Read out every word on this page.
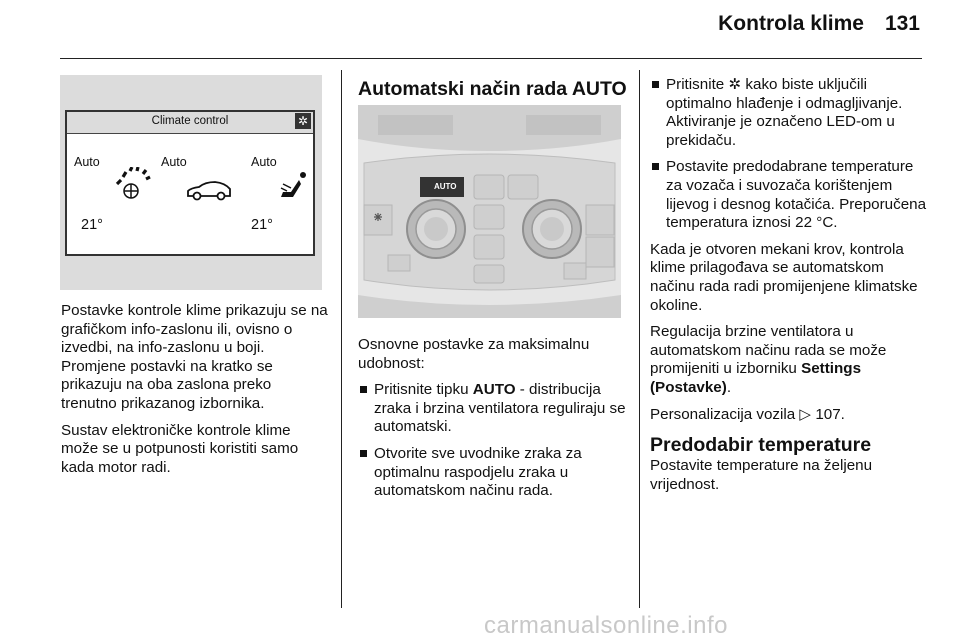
Kontrola klime 131
Climate control	✲
Auto	Auto	Auto
21°	21°

Postavke kontrole klime prikazuju se na grafičkom info-zaslonu ili, ovisno o izvedbi, na info-zaslonu u boji. Promjene postavki na kratko se prikazuju na oba zaslona preko trenutno prikazanog izbornika.

Sustav elektroničke kontrole klime može se u potpunosti koristiti samo kada motor radi.

Automatski način rada AUTO
AUTO

Osnovne postavke za maksimalnu udobnost:

Pritisnite tipku AUTO - distribucija zraka i brzina ventilatora reguliraju se automatski.
Otvorite sve uvodnike zraka za optimalnu raspodjelu zraka u automatskom načinu rada.
Pritisnite ✲ kako biste uključili optimalno hlađenje i odmagljivanje. Aktiviranje je označeno LED-om u prekidaču.
Postavite predodabrane temperature za vozača i suvozača korištenjem lijevog i desnog kotačića. Preporučena temperatura iznosi 22 °C.

Kada je otvoren mekani krov, kontrola klime prilagođava se automatskom načinu rada radi promijenjene klimatske okoline.

Regulacija brzine ventilatora u automatskom načinu rada se može promijeniti u izborniku Settings (Postavke).

Personalizacija vozila ▷ 107.

Predodabir temperature

Postavite temperature na željenu vrijednost.

carmanualsonline.info
